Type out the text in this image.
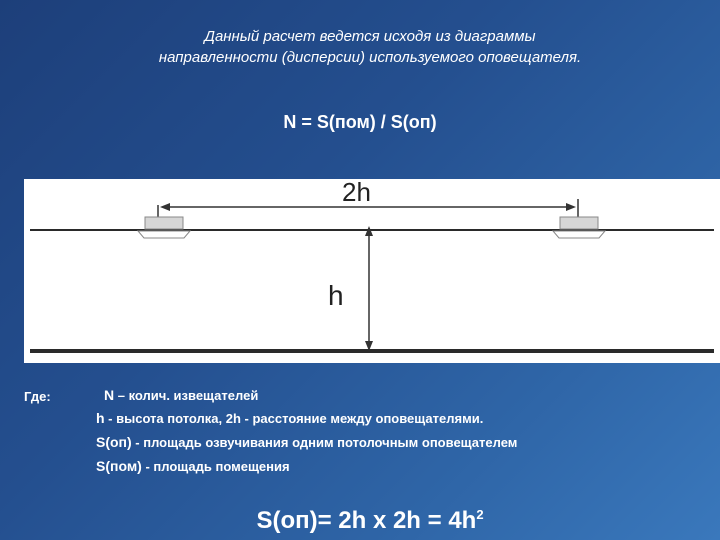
Данный расчет ведется исходя из диаграммы
направленности (дисперсии) используемого оповещателя.
N = S(пом) / S(оп)
2h
h
Где:	N – колич. извещателей
h - высота потолка, 2h - расстояние между оповещателями.
S(оп) - площадь озвучивания одним потолочным оповещателем
S(пом) - площадь помещения
S(оп)= 2h x $2h = 4h^2$
